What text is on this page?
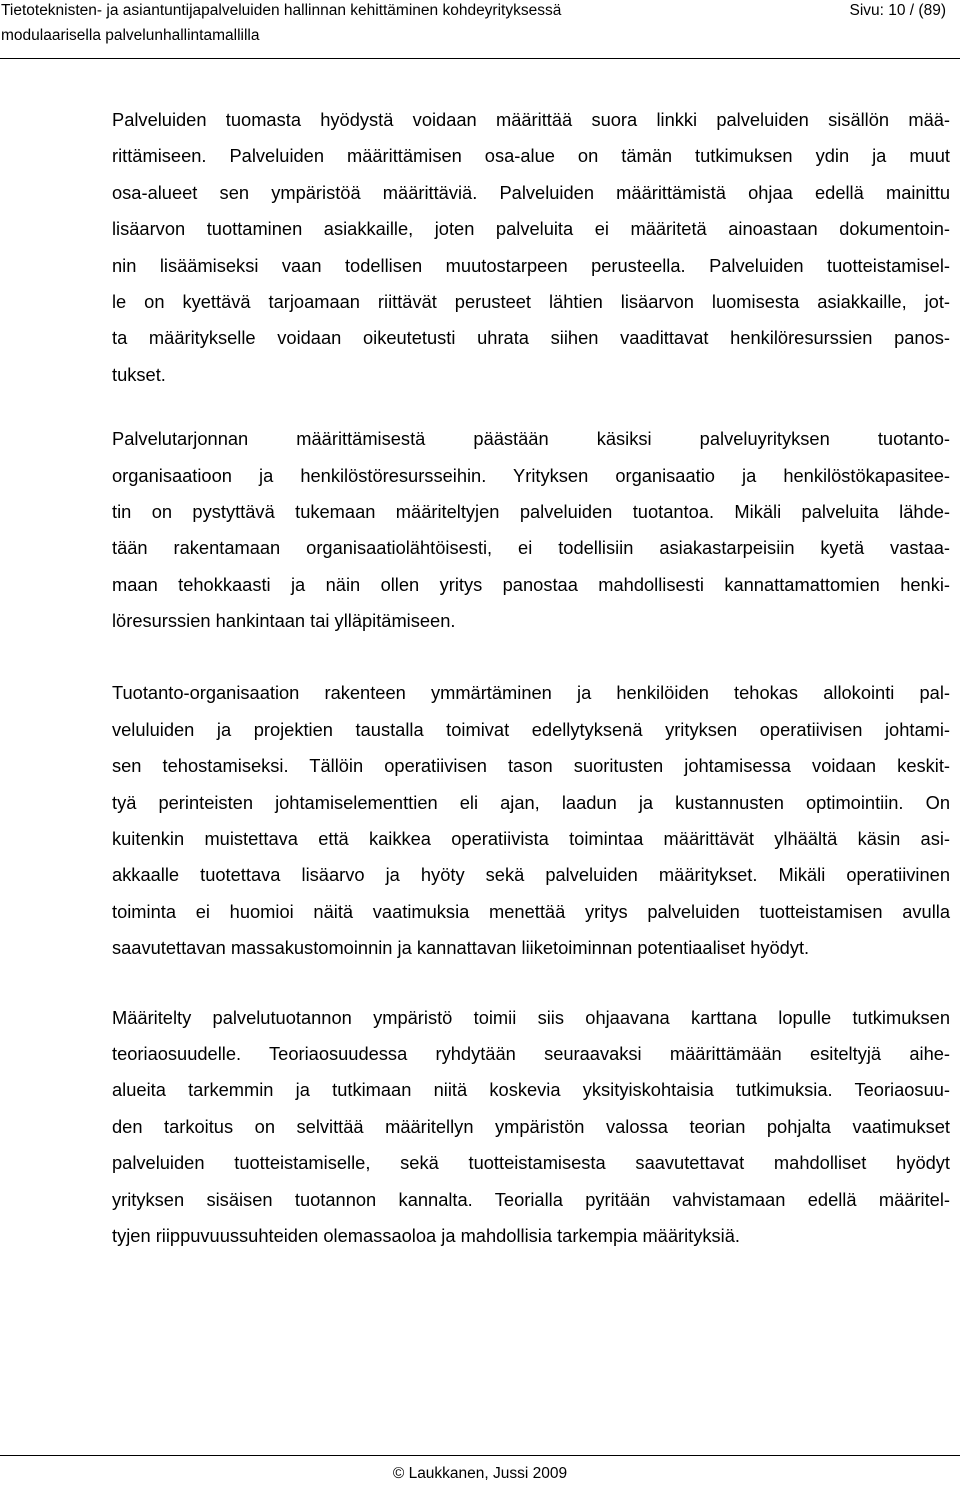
Tietoteknisten- ja asiantuntijapalveluiden hallinnan kehittäminen kohdeyrityksessä
modulaarisella palvelunhallintamallilla
Sivu: 10 / (89)

Palveluiden tuomasta hyödystä voidaan määrittää suora linkki palveluiden sisällön mää-
rittämiseen. Palveluiden määrittämisen osa-alue on tämän tutkimuksen ydin ja muut
osa-alueet sen ympäristöä määrittäviä. Palveluiden määrittämistä ohjaa edellä mainittu
lisäarvon tuottaminen asiakkaille, joten palveluita ei määritetä ainoastaan dokumentoin-
nin lisäämiseksi vaan todellisen muutostarpeen perusteella. Palveluiden tuotteistamisel-
le on kyettävä tarjoamaan riittävät perusteet lähtien lisäarvon luomisesta asiakkaille, jot-
ta määritykselle voidaan oikeutetusti uhrata siihen vaadittavat henkilöresurssien panos-
tukset.

Palvelutarjonnan määrittämisestä päästään käsiksi palveluyrityksen tuotanto-
organisaatioon ja henkilöstöresursseihin. Yrityksen organisaatio ja henkilöstökapasitee-
tin on pystyttävä tukemaan määriteltyjen palveluiden tuotantoa. Mikäli palveluita lähde-
tään rakentamaan organisaatiolähtöisesti, ei todellisiin asiakastarpeisiin kyetä vastaa-
maan tehokkaasti ja näin ollen yritys panostaa mahdollisesti kannattamattomien henki-
löresurssien hankintaan tai ylläpitämiseen.

Tuotanto-organisaation rakenteen ymmärtäminen ja henkilöiden tehokas allokointi pal-
veluluiden ja projektien taustalla toimivat edellytyksenä yrityksen operatiivisen johtami-
sen tehostamiseksi. Tällöin operatiivisen tason suoritusten johtamisessa voidaan keskit-
tyä perinteisten johtamiselementtien eli ajan, laadun ja kustannusten optimointiin. On
kuitenkin muistettava että kaikkea operatiivista toimintaa määrittävät ylhäältä käsin asi-
akkaalle tuotettava lisäarvo ja hyöty sekä palveluiden määritykset. Mikäli operatiivinen
toiminta ei huomioi näitä vaatimuksia menettää yritys palveluiden tuotteistamisen avulla
saavutettavan massakustomoinnin ja kannattavan liiketoiminnan potentiaaliset hyödyt.

Määritelty palvelutuotannon ympäristö toimii siis ohjaavana karttana lopulle tutkimuksen
teoriaosuudelle. Teoriaosuudessa ryhdytään seuraavaksi määrittämään esiteltyjä aihe-
alueita tarkemmin ja tutkimaan niitä koskevia yksityiskohtaisia tutkimuksia. Teoriaosuu-
den tarkoitus on selvittää määritellyn ympäristön valossa teorian pohjalta vaatimukset
palveluiden tuotteistamiselle, sekä tuotteistamisesta saavutettavat mahdolliset hyödyt
yrityksen sisäisen tuotannon kannalta. Teorialla pyritään vahvistamaan edellä määritel-
tyjen riippuvuussuhteiden olemassaoloa ja mahdollisia tarkempia määrityksiä.

© Laukkanen, Jussi 2009
